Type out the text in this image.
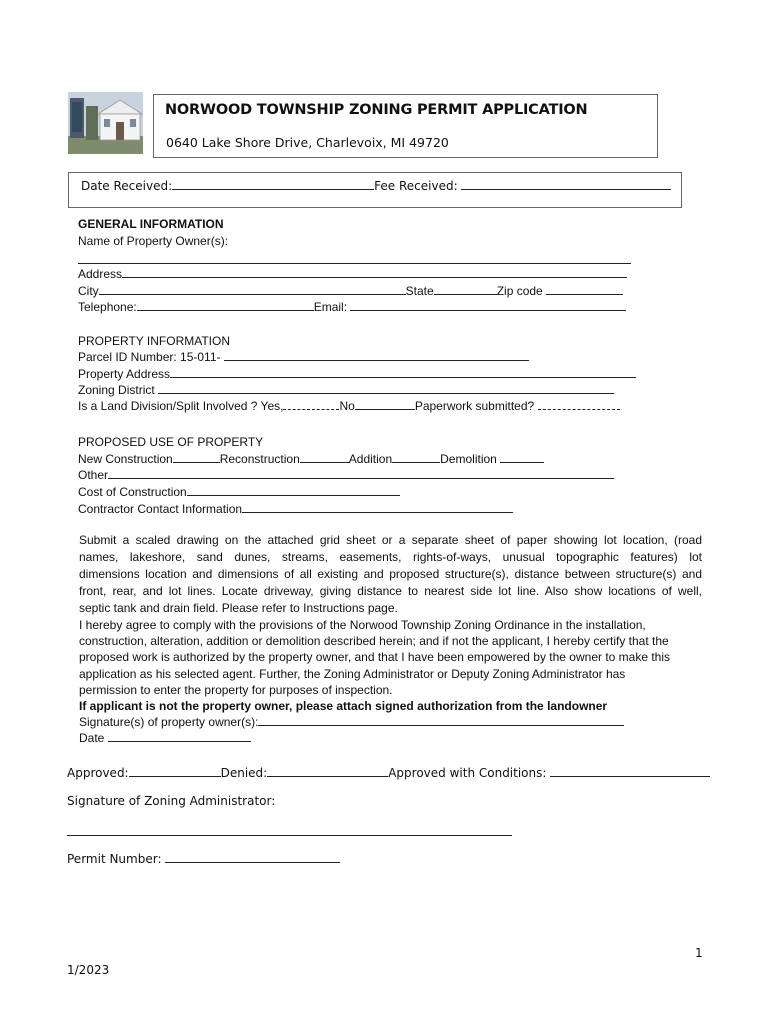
NORWOOD TOWNSHIP ZONING PERMIT APPLICATION
0640 Lake Shore Drive, Charlevoix, MI 49720
Date Received:	Fee Received:
GENERAL INFORMATION
Name of Property Owner(s):
Address
City	State	Zip code
Telephone:	Email:
PROPERTY INFORMATION
Parcel ID Number: 15-011-
Property Address
Zoning District
Is a Land Division/Split Involved ? Yes,	No	Paperwork submitted?
PROPOSED USE OF PROPERTY
New Construction	Reconstruction	Addition	Demolition
Other
Cost of Construction
Contractor Contact Information
Submit a scaled drawing on the attached grid sheet or a separate sheet of paper showing lot location, (road
names, lakeshore, sand dunes, streams, easements, rights-of-ways, unusual topographic features) lot
dimensions location and dimensions of all existing and proposed structure(s), distance between structure(s) and
front, rear, and lot lines. Locate driveway, giving distance to nearest side lot line. Also show locations of well,
septic tank and drain field. Please refer to Instructions page.
I hereby agree to comply with the provisions of the Norwood Township Zoning Ordinance in the installation,
construction, alteration, addition or demolition described herein; and if not the applicant, I hereby certify that the
proposed work is authorized by the property owner, and that I have been empowered by the owner to make this
application as his selected agent. Further, the Zoning Administrator or Deputy Zoning Administrator has
permission to enter the property for purposes of inspection.
If applicant is not the property owner, please attach signed authorization from the landowner
Signature(s) of property owner(s):
Date
Approved:	Denied:	Approved with Conditions:
Signature of Zoning Administrator:
Permit Number:
1
1/2023
